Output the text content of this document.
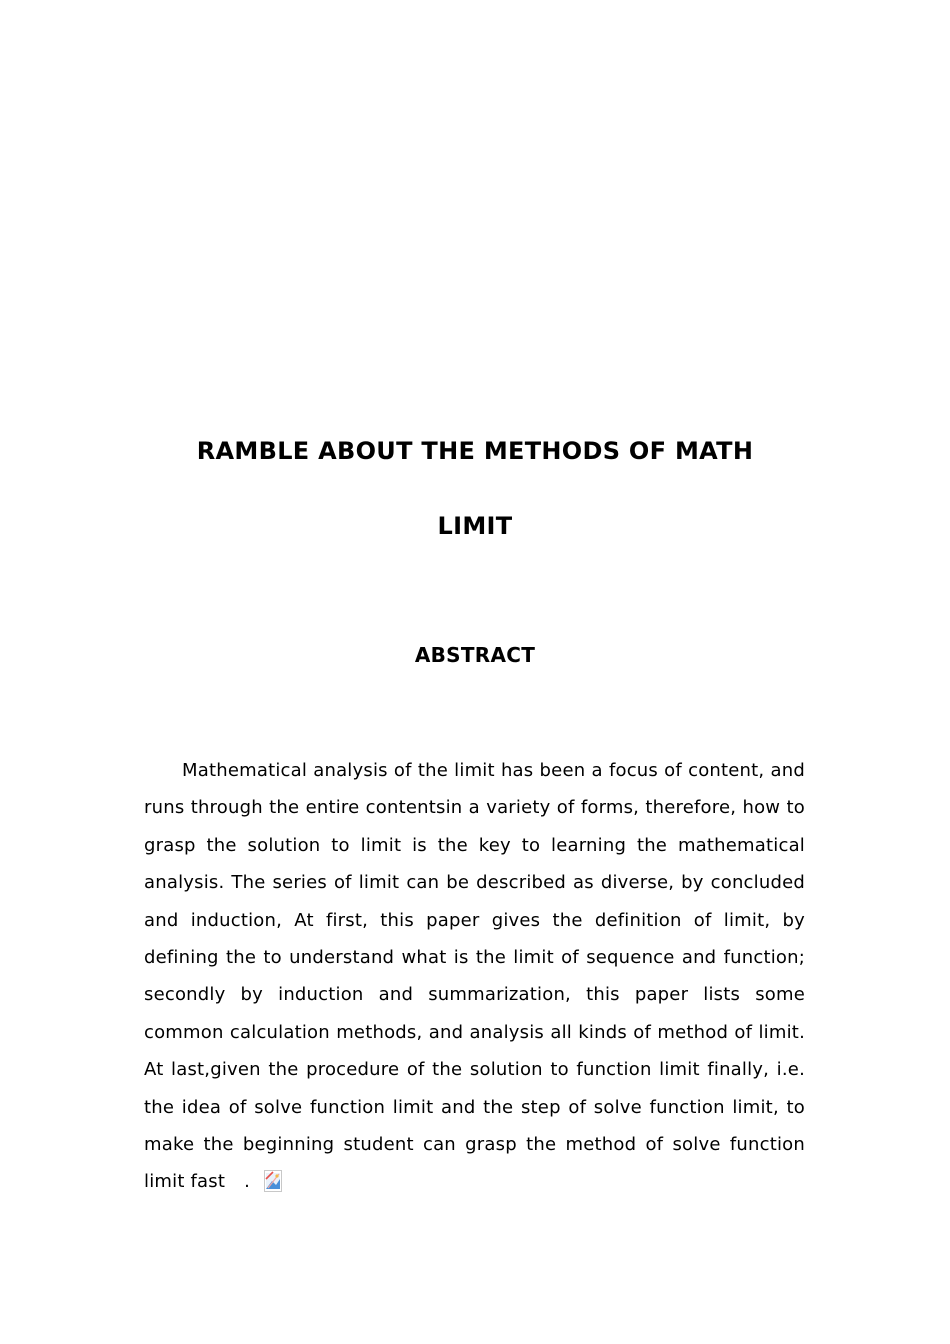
RAMBLE ABOUT THE METHODS OF MATH
LIMIT
ABSTRACT

Mathematical analysis of the limit has been a focus of content, and runs through the entire contentsin a variety of forms, therefore, how to grasp the solution to limit is the key to learning the mathematical analysis. The series of limit can be described as diverse, by concluded and induction, At first, this paper gives the definition of limit, by defining the to understand what is the limit of sequence and function; secondly by induction and summarization, this paper lists some common calculation methods, and analysis all kinds of method of limit. At last,given the procedure of the solution to function limit finally, i.e. the idea of solve function limit and the step of solve function limit, to make the beginning student can grasp the method of solve function limit fast .
